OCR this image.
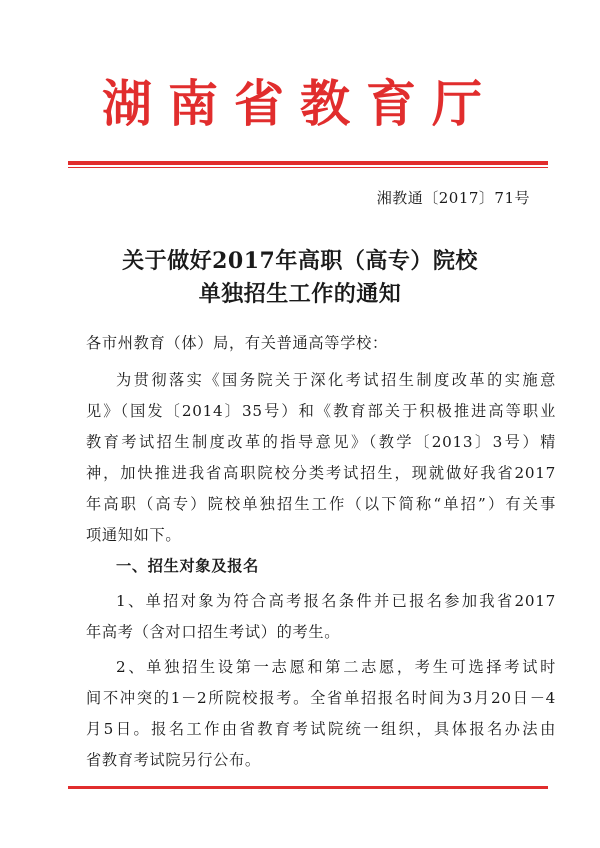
湖南省教育厅
湘教通〔2017〕71号
关于做好2017年高职（高专）院校
单独招生工作的通知
各市州教育（体）局，有关普通高等学校：
为贯彻落实《国务院关于深化考试招生制度改革的实施意
见》（国发〔2014〕35号）和《教育部关于积极推进高等职业
教育考试招生制度改革的指导意见》（教学〔2013〕3号）精
神，加快推进我省高职院校分类考试招生，现就做好我省2017
年高职（高专）院校单独招生工作（以下简称“单招”）有关事
项通知如下。
一、招生对象及报名
1、单招对象为符合高考报名条件并已报名参加我省2017
年高考（含对口招生考试）的考生。
2、单独招生设第一志愿和第二志愿，考生可选择考试时
间不冲突的1－2所院校报考。全省单招报名时间为3月20日－4
月5日。报名工作由省教育考试院统一组织，具体报名办法由
省教育考试院另行公布。
